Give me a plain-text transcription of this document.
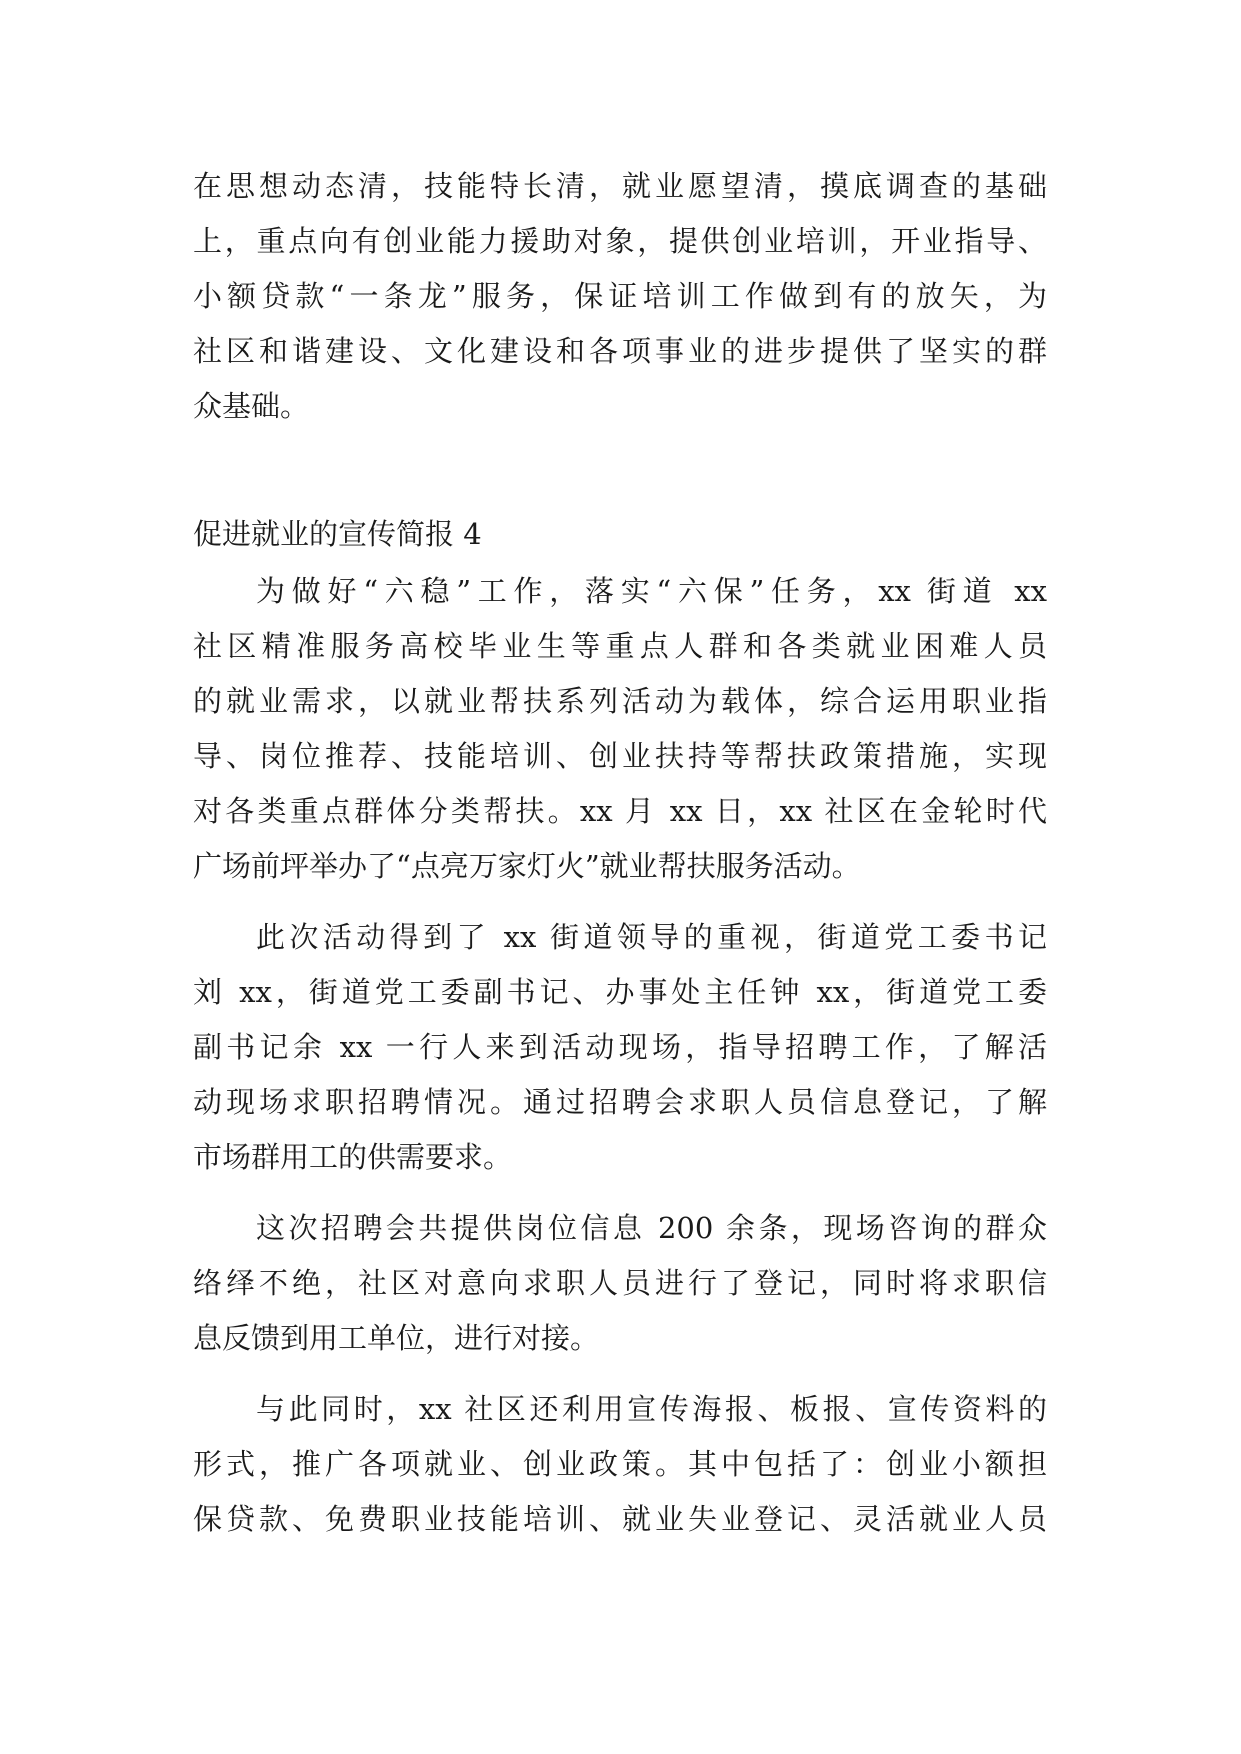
在思想动态清，技能特长清，就业愿望清，摸底调查的基础

上，重点向有创业能力援助对象，提供创业培训，开业指导、

小额贷款“一条龙”服务，保证培训工作做到有的放矢，为

社区和谐建设、文化建设和各项事业的进步提供了坚实的群

众基础。

促进就业的宣传简报 4

为做好“六稳”工作，落实“六保”任务，xx 街道 xx

社区精准服务高校毕业生等重点人群和各类就业困难人员

的就业需求，以就业帮扶系列活动为载体，综合运用职业指

导、岗位推荐、技能培训、创业扶持等帮扶政策措施，实现

对各类重点群体分类帮扶。xx 月 xx 日，xx 社区在金轮时代

广场前坪举办了“点亮万家灯火”就业帮扶服务活动。

此次活动得到了 xx 街道领导的重视，街道党工委书记

刘 xx，街道党工委副书记、办事处主任钟 xx，街道党工委

副书记余 xx 一行人来到活动现场，指导招聘工作，了解活

动现场求职招聘情况。通过招聘会求职人员信息登记，了解

市场群用工的供需要求。

这次招聘会共提供岗位信息 200 余条，现场咨询的群众

络绎不绝，社区对意向求职人员进行了登记，同时将求职信

息反馈到用工单位，进行对接。

与此同时，xx 社区还利用宣传海报、板报、宣传资料的

形式，推广各项就业、创业政策。其中包括了：创业小额担

保贷款、免费职业技能培训、就业失业登记、灵活就业人员
